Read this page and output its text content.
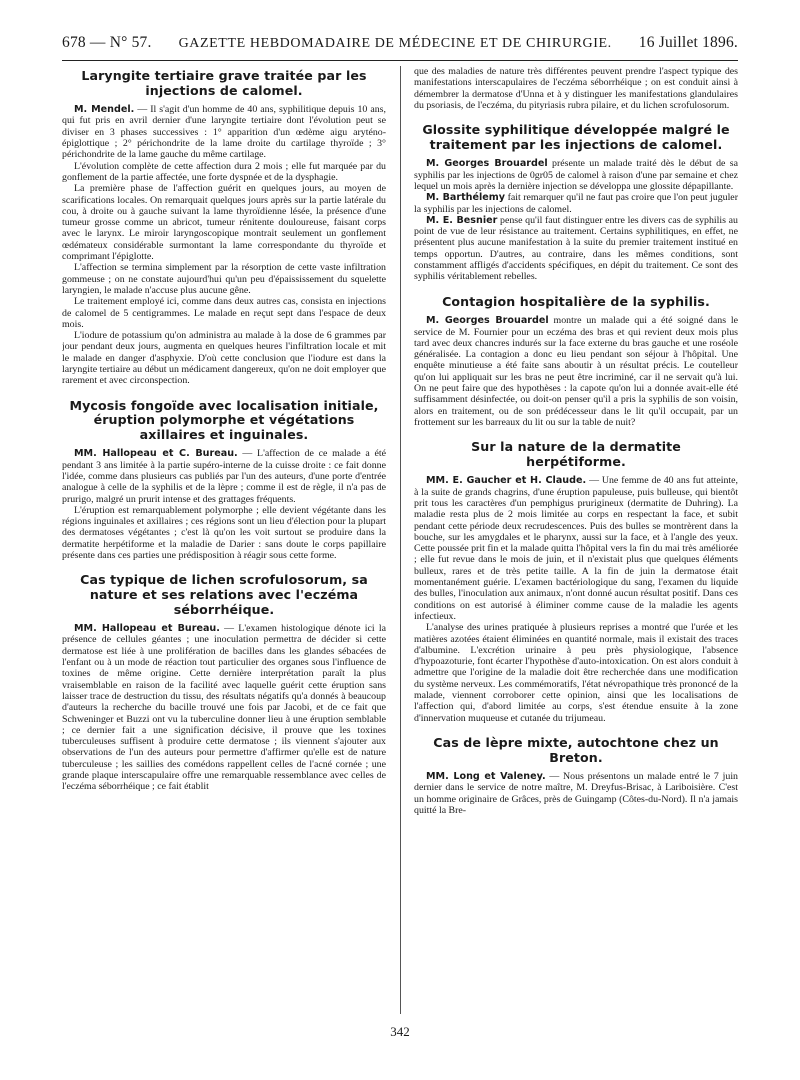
678 — N° 57. GAZETTE HEBDOMADAIRE DE MÉDECINE ET DE CHIRURGIE. 16 Juillet 1896.
Laryngite tertiaire grave traitée par les injections de calomel.

M. Mendel. — Il s'agit d'un homme de 40 ans, syphilitique depuis 10 ans, qui fut pris en avril dernier d'une laryngite tertiaire dont l'évolution peut se diviser en 3 phases successives : 1° apparition d'un œdème aigu aryténo-épiglottique ; 2° périchondrite de la lame droite du cartilage thyroïde ; 3° périchondrite de la lame gauche du même cartilage.

L'évolution complète de cette affection dura 2 mois ; elle fut marquée par du gonflement de la partie affectée, une forte dyspnée et de la dysphagie.

La première phase de l'affection guérit en quelques jours, au moyen de scarifications locales. On remarquait quelques jours après sur la partie latérale du cou, à droite ou à gauche suivant la lame thyroïdienne lésée, la présence d'une tumeur grosse comme un abricot, tumeur rénitente douloureuse, faisant corps avec le larynx. Le miroir laryngoscopique montrait seulement un gonflement œdémateux considérable surmontant la lame correspondante du thyroïde et comprimant l'épiglotte.

L'affection se termina simplement par la résorption de cette vaste infiltration gommeuse ; on ne constate aujourd'hui qu'un peu d'épaississement du squelette laryngien, le malade n'accuse plus aucune gêne.

Le traitement employé ici, comme dans deux autres cas, consista en injections de calomel de 5 centigrammes. Le malade en reçut sept dans l'espace de deux mois.

L'iodure de potassium qu'on administra au malade à la dose de 6 grammes par jour pendant deux jours, augmenta en quelques heures l'infiltration locale et mit le malade en danger d'asphyxie. D'où cette conclusion que l'iodure est dans la laryngite tertiaire au début un médicament dangereux, qu'on ne doit employer que rarement et avec circonspection.

Mycosis fongoïde avec localisation initiale, éruption polymorphe et végétations axillaires et inguinales.

MM. Hallopeau et C. Bureau. — L'affection de ce malade a été pendant 3 ans limitée à la partie supéro-interne de la cuisse droite : ce fait donne l'idée, comme dans plusieurs cas publiés par l'un des auteurs, d'une porte d'entrée analogue à celle de la syphilis et de la lèpre ; comme il est de règle, il n'a pas de prurigo, malgré un prurit intense et des grattages fréquents.

L'éruption est remarquablement polymorphe ; elle devient végétante dans les régions inguinales et axillaires ; ces régions sont un lieu d'élection pour la plupart des dermatoses végétantes ; c'est là qu'on les voit surtout se produire dans la dermatite herpétiforme et la maladie de Darier : sans doute le corps papillaire présente dans ces parties une prédisposition à réagir sous cette forme.

Cas typique de lichen scrofulosorum, sa nature et ses relations avec l'eczéma séborrhéique.

MM. Hallopeau et Bureau. — L'examen histologique dénote ici la présence de cellules géantes ; une inoculation permettra de décider si cette dermatose est liée à une prolifération de bacilles dans les glandes sébacées de l'enfant ou à un mode de réaction tout particulier des organes sous l'influence de toxines de même origine. Cette dernière interprétation paraît la plus vraisemblable en raison de la facilité avec laquelle guérit cette éruption sans laisser trace de destruction du tissu, des résultats négatifs qu'a donnés à beaucoup d'auteurs la recherche du bacille trouvé une fois par Jacobi, et de ce fait que Schweninger et Buzzi ont vu la tuberculine donner lieu à une éruption semblable ; ce dernier fait a une signification décisive, il prouve que les toxines tuberculeuses suffisent à produire cette dermatose ; ils viennent s'ajouter aux observations de l'un des auteurs pour permettre d'affirmer qu'elle est de nature tuberculeuse ; les saillies des comédons rappellent celles de l'acné cornée ; une grande plaque interscapulaire offre une remarquable ressemblance avec celles de l'eczéma séborrhéique ; ce fait établit

que des maladies de nature très différentes peuvent prendre l'aspect typique des manifestations interscapulaires de l'eczéma séborrhéique ; on est conduit ainsi à démembrer la dermatose d'Unna et à y distinguer les manifestations glandulaires du psoriasis, de l'eczéma, du pityriasis rubra pilaire, et du lichen scrofulosorum.

Glossite syphilitique développée malgré le traitement par les injections de calomel.

M. Georges Brouardel présente un malade traité dès le début de sa syphilis par les injections de 0gr05 de calomel à raison d'une par semaine et chez lequel un mois après la dernière injection se développa une glossite dépapillante.

M. Barthélemy fait remarquer qu'il ne faut pas croire que l'on peut juguler la syphilis par les injections de calomel.

M. E. Besnier pense qu'il faut distinguer entre les divers cas de syphilis au point de vue de leur résistance au traitement. Certains syphilitiques, en effet, ne présentent plus aucune manifestation à la suite du premier traitement institué en temps opportun. D'autres, au contraire, dans les mêmes conditions, sont constamment affligés d'accidents spécifiques, en dépit du traitement. Ce sont des syphilis véritablement rebelles.

Contagion hospitalière de la syphilis.

M. Georges Brouardel montre un malade qui a été soigné dans le service de M. Fournier pour un eczéma des bras et qui revient deux mois plus tard avec deux chancres indurés sur la face externe du bras gauche et une roséole généralisée. La contagion a donc eu lieu pendant son séjour à l'hôpital. Une enquête minutieuse a été faite sans aboutir à un résultat précis. Le coutelleur qu'on lui appliquait sur les bras ne peut être incriminé, car il ne servait qu'à lui. On ne peut faire que des hypothèses : la capote qu'on lui a donnée avait-elle été suffisamment désinfectée, ou doit-on penser qu'il a pris la syphilis de son voisin, alors en traitement, ou de son prédécesseur dans le lit qu'il occupait, par un frottement sur les barreaux du lit ou sur la table de nuit?

Sur la nature de la dermatite herpétiforme.

MM. E. Gaucher et H. Claude. — Une femme de 40 ans fut atteinte, à la suite de grands chagrins, d'une éruption papuleuse, puis bulleuse, qui bientôt prit tous les caractères d'un pemphigus prurigineux (dermatite de Duhring). La maladie resta plus de 2 mois limitée au corps en respectant la face, et subit pendant cette période deux recrudescences. Puis des bulles se montrèrent dans la bouche, sur les amygdales et le pharynx, aussi sur la face, et à l'angle des yeux. Cette poussée prit fin et la malade quitta l'hôpital vers la fin du mai très améliorée ; elle fut revue dans le mois de juin, et il n'existait plus que quelques éléments bulleux, rares et de très petite taille. A la fin de juin la dermatose était momentanément guérie. L'examen bactériologique du sang, l'examen du liquide des bulles, l'inoculation aux animaux, n'ont donné aucun résultat positif. Dans ces conditions on est autorisé à éliminer comme cause de la maladie les agents infectieux.

L'analyse des urines pratiquée à plusieurs reprises a montré que l'urée et les matières azotées étaient éliminées en quantité normale, mais il existait des traces d'albumine. L'excrétion urinaire à peu près physiologique, l'absence d'hypoazoturie, font écarter l'hypothèse d'auto-intoxication. On est alors conduit à admettre que l'origine de la maladie doit être recherchée dans une modification du système nerveux. Les commémoratifs, l'état névropathique très prononcé de la malade, viennent corroborer cette opinion, ainsi que les localisations de l'affection qui, d'abord limitée au corps, s'est étendue ensuite à la zone d'innervation muqueuse et cutanée du trijumeau.

Cas de lèpre mixte, autochtone chez un Breton.

MM. Long et Valeney. — Nous présentons un malade entré le 7 juin dernier dans le service de notre maître, M. Dreyfus-Brisac, à Lariboisière. C'est un homme originaire de Grâces, près de Guingamp (Côtes-du-Nord). Il n'a jamais quitté la Bre-

342
